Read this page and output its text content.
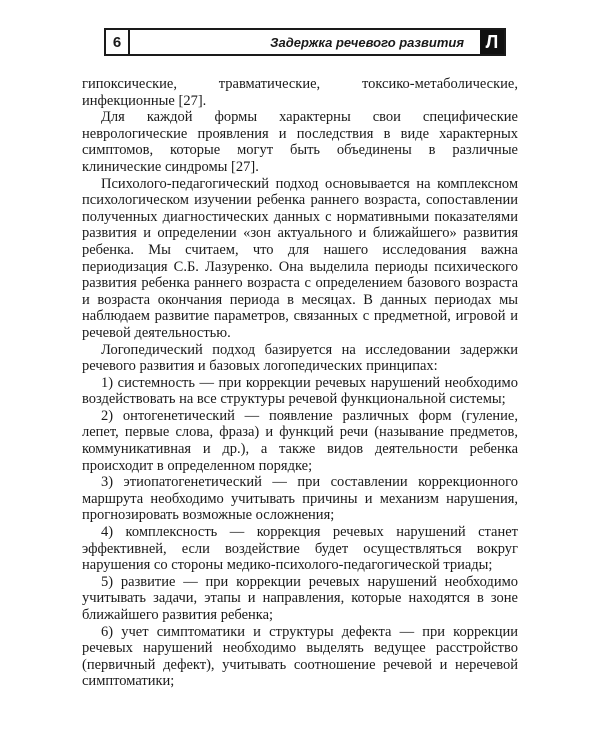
6	Задержка речевого развития	Л

гипоксические, травматические, токсико-метаболические, инфекционные [27].

Для каждой формы характерны свои специфические неврологические проявления и последствия в виде характерных симптомов, которые могут быть объединены в различные клинические синдромы [27].

Психолого-педагогический подход основывается на комплексном психологическом изучении ребенка раннего возраста, сопоставлении полученных диагностических данных с нормативными показателями развития и определении «зон актуального и ближайшего» развития ребенка. Мы считаем, что для нашего исследования важна периодизация С.Б. Лазуренко. Она выделила периоды психического развития ребенка раннего возраста с определением базового возраста и возраста окончания периода в месяцах. В данных периодах мы наблюдаем развитие параметров, связанных с предметной, игровой и речевой деятельностью.

Логопедический подход базируется на исследовании задержки речевого развития и базовых логопедических принципах:

1) системность — при коррекции речевых нарушений необходимо воздействовать на все структуры речевой функциональной системы;

2) онтогенетический — появление различных форм (гуление, лепет, первые слова, фраза) и функций речи (называние предметов, коммуникативная и др.), а также видов деятельности ребенка происходит в определенном порядке;

3) этиопатогенетический — при составлении коррекционного маршрута необходимо учитывать причины и механизм нарушения, прогнозировать возможные осложнения;

4) комплексность — коррекция речевых нарушений станет эффективней, если воздействие будет осуществляться вокруг нарушения со стороны медико-психолого-педагогической триады;

5) развитие — при коррекции речевых нарушений необходимо учитывать задачи, этапы и направления, которые находятся в зоне ближайшего развития ребенка;

6) учет симптоматики и структуры дефекта — при коррекции речевых нарушений необходимо выделять ведущее расстройство (первичный дефект), учитывать соотношение речевой и неречевой симптоматики;
